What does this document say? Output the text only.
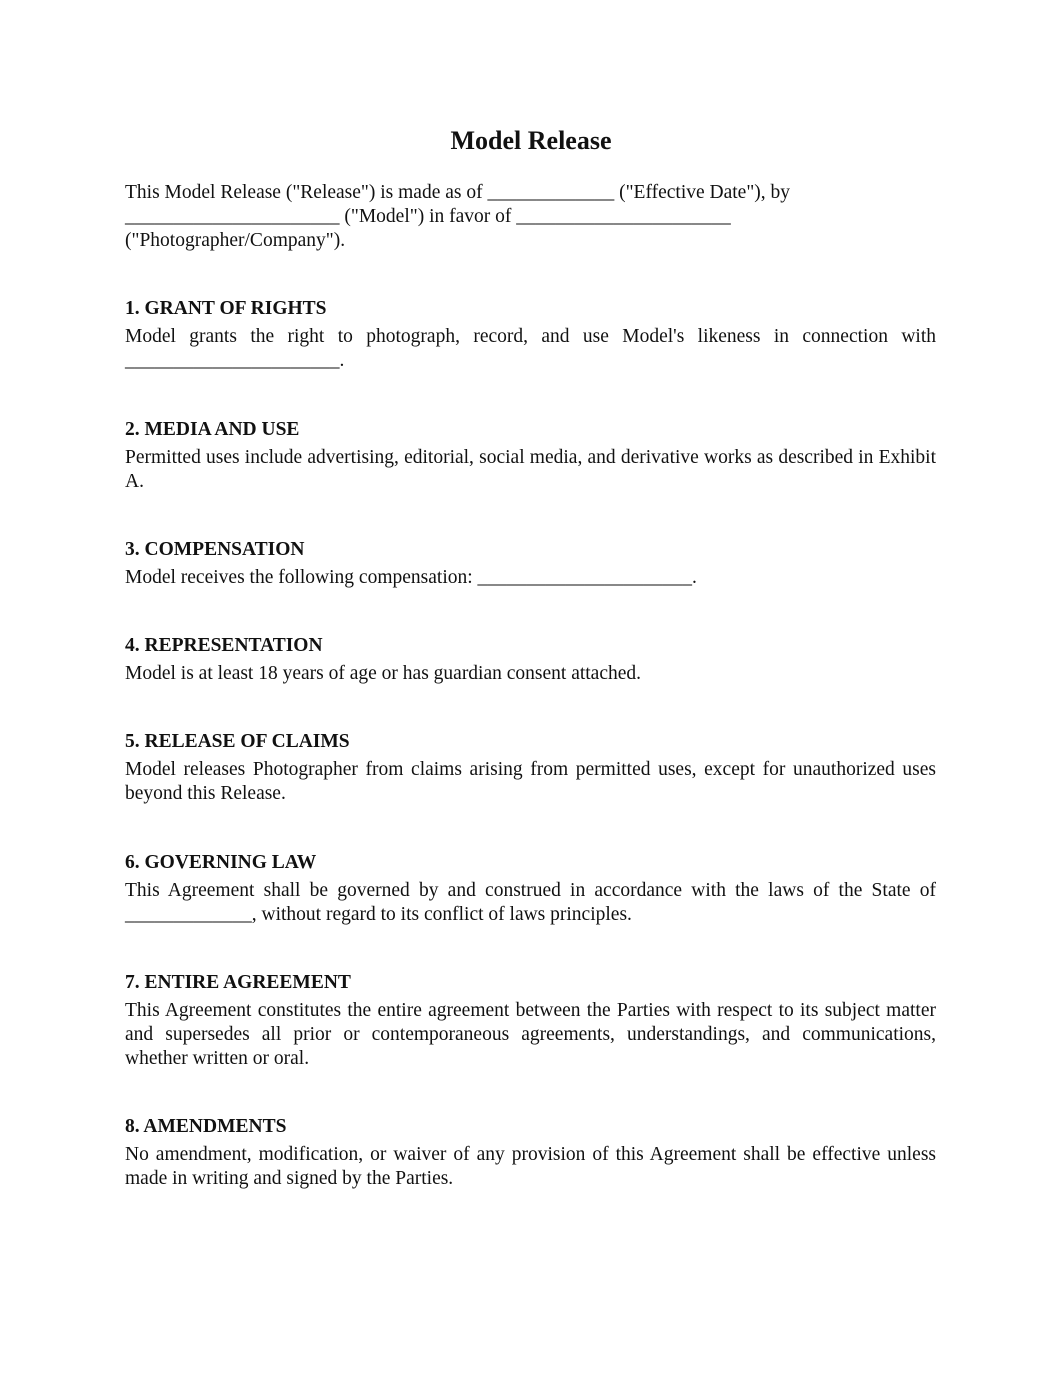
Model Release

This Model Release ("Release") is made as of _____________ ("Effective Date"), by
______________________ ("Model") in favor of ______________________
("Photographer/Company").

1. GRANT OF RIGHTS

Model grants the right to photograph, record, and use Model's likeness in connection with ______________________.

2. MEDIA AND USE

Permitted uses include advertising, editorial, social media, and derivative works as described in Exhibit A.

3. COMPENSATION

Model receives the following compensation: ______________________.

4. REPRESENTATION

Model is at least 18 years of age or has guardian consent attached.

5. RELEASE OF CLAIMS

Model releases Photographer from claims arising from permitted uses, except for unauthorized uses beyond this Release.

6. GOVERNING LAW

This Agreement shall be governed by and construed in accordance with the laws of the State of _____________, without regard to its conflict of laws principles.

7. ENTIRE AGREEMENT

This Agreement constitutes the entire agreement between the Parties with respect to its subject matter and supersedes all prior or contemporaneous agreements, understandings, and communications, whether written or oral.

8. AMENDMENTS

No amendment, modification, or waiver of any provision of this Agreement shall be effective unless made in writing and signed by the Parties.
